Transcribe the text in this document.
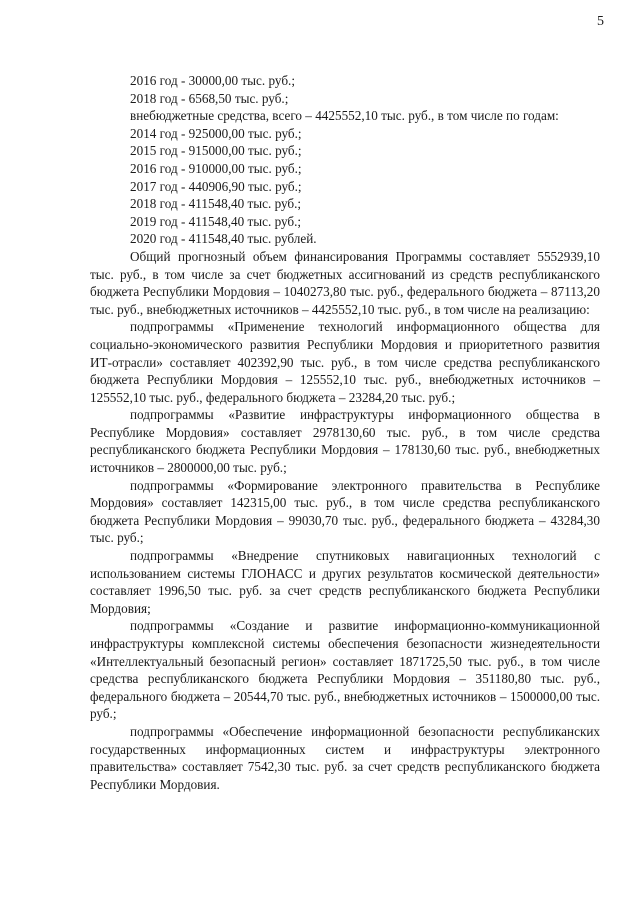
5
2016 год - 30000,00 тыс. руб.;
2018 год - 6568,50 тыс. руб.;
внебюджетные средства, всего – 4425552,10 тыс. руб., в том числе по годам:
2014 год - 925000,00 тыс. руб.;
2015 год - 915000,00 тыс. руб.;
2016 год - 910000,00 тыс. руб.;
2017 год - 440906,90 тыс. руб.;
2018 год - 411548,40 тыс. руб.;
2019 год - 411548,40 тыс. руб.;
2020 год - 411548,40 тыс. рублей.
Общий прогнозный объем финансирования Программы составляет 5552939,10 тыс. руб., в том числе за счет бюджетных ассигнований из средств республиканского бюджета Республики Мордовия – 1040273,80 тыс. руб., федерального бюджета – 87113,20 тыс. руб., внебюджетных источников – 4425552,10 тыс. руб., в том числе на реализацию:
подпрограммы «Применение технологий информационного общества для социально-экономического развития Республики Мордовия и приоритетного развития ИТ-отрасли» составляет 402392,90 тыс. руб., в том числе средства республиканского бюджета Республики Мордовия – 125552,10 тыс. руб., внебюджетных источников – 125552,10 тыс. руб., федерального бюджета – 23284,20 тыс. руб.;
подпрограммы «Развитие инфраструктуры информационного общества в Республике Мордовия» составляет 2978130,60 тыс. руб., в том числе средства республиканского бюджета Республики Мордовия – 178130,60 тыс. руб., внебюджетных источников – 2800000,00 тыс. руб.;
подпрограммы «Формирование электронного правительства в Республике Мордовия» составляет 142315,00 тыс. руб., в том числе средства республиканского бюджета Республики Мордовия – 99030,70 тыс. руб., федерального бюджета – 43284,30 тыс. руб.;
подпрограммы «Внедрение спутниковых навигационных технологий с использованием системы ГЛОНАСС и других результатов космической деятельности» составляет 1996,50 тыс. руб. за счет средств республиканского бюджета Республики Мордовия;
подпрограммы «Создание и развитие информационно-коммуникационной инфраструктуры комплексной системы обеспечения безопасности жизнедеятельности «Интеллектуальный безопасный регион» составляет 1871725,50 тыс. руб., в том числе средства республиканского бюджета Республики Мордовия – 351180,80 тыс. руб., федерального бюджета – 20544,70 тыс. руб., внебюджетных источников – 1500000,00 тыс. руб.;
подпрограммы «Обеспечение информационной безопасности республиканских государственных информационных систем и инфраструктуры электронного правительства» составляет 7542,30 тыс. руб. за счет средств республиканского бюджета Республики Мордовия.
